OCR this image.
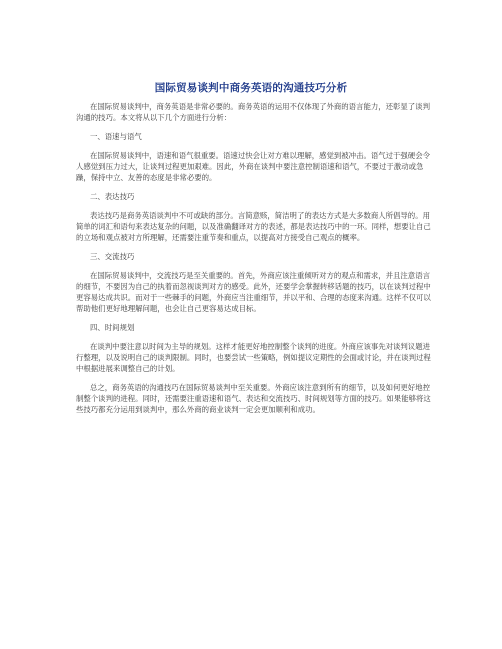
国际贸易谈判中商务英语的沟通技巧分析

在国际贸易谈判中，商务英语是非常必要的。商务英语的运用不仅体现了外商的语言能力，还彰显了谈判沟通的技巧。本文将从以下几个方面进行分析：

一、语速与语气

在国际贸易谈判中，语速和语气很重要。语速过快会让对方难以理解，感觉到被冲击。语气过于强硬会令人感觉到压力过大，让谈判过程更加艰难。因此，外商在谈判中要注意控制语速和语气，不要过于激动或急躁，保持中立、友善的态度是非常必要的。

二、表达技巧

表达技巧是商务英语谈判中不可或缺的部分。言简意赅，简洁明了的表达方式是大多数商人所倡导的。用简单的词汇和语句来表达复杂的问题，以及准确翻译对方的表述，都是表达技巧中的一环。同样，想要让自己的立场和观点被对方所理解，还需要注重节奏和重点，以提高对方接受自己观点的概率。

三、交流技巧

在国际贸易谈判中，交流技巧是至关重要的。首先，外商应该注重倾听对方的观点和需求，并且注意语言的细节，不要因为自己的执着而忽视谈判对方的感受。此外，还要学会掌握转移话题的技巧，以在谈判过程中更容易达成共识。而对于一些棘手的问题，外商应当注重细节，并以平和、合理的态度来沟通。这样不仅可以帮助他们更好地理解问题，也会让自己更容易达成目标。

四、时间规划

在谈判中要注意以时间为主导的规划。这样才能更好地控制整个谈判的进度。外商应该事先对谈判议题进行整理，以及说明自己的谈判限制。同时，也要尝试一些策略，例如提议定期性的会面或讨论，并在谈判过程中根据进展来调整自己的计划。

总之，商务英语的沟通技巧在国际贸易谈判中至关重要。外商应该注意到所有的细节，以及如何更好地控制整个谈判的进程。同时，还需要注重语速和语气、表达和交流技巧、时间规划等方面的技巧。如果能够将这些技巧都充分运用到谈判中，那么外商的商业谈判一定会更加顺利和成功。
